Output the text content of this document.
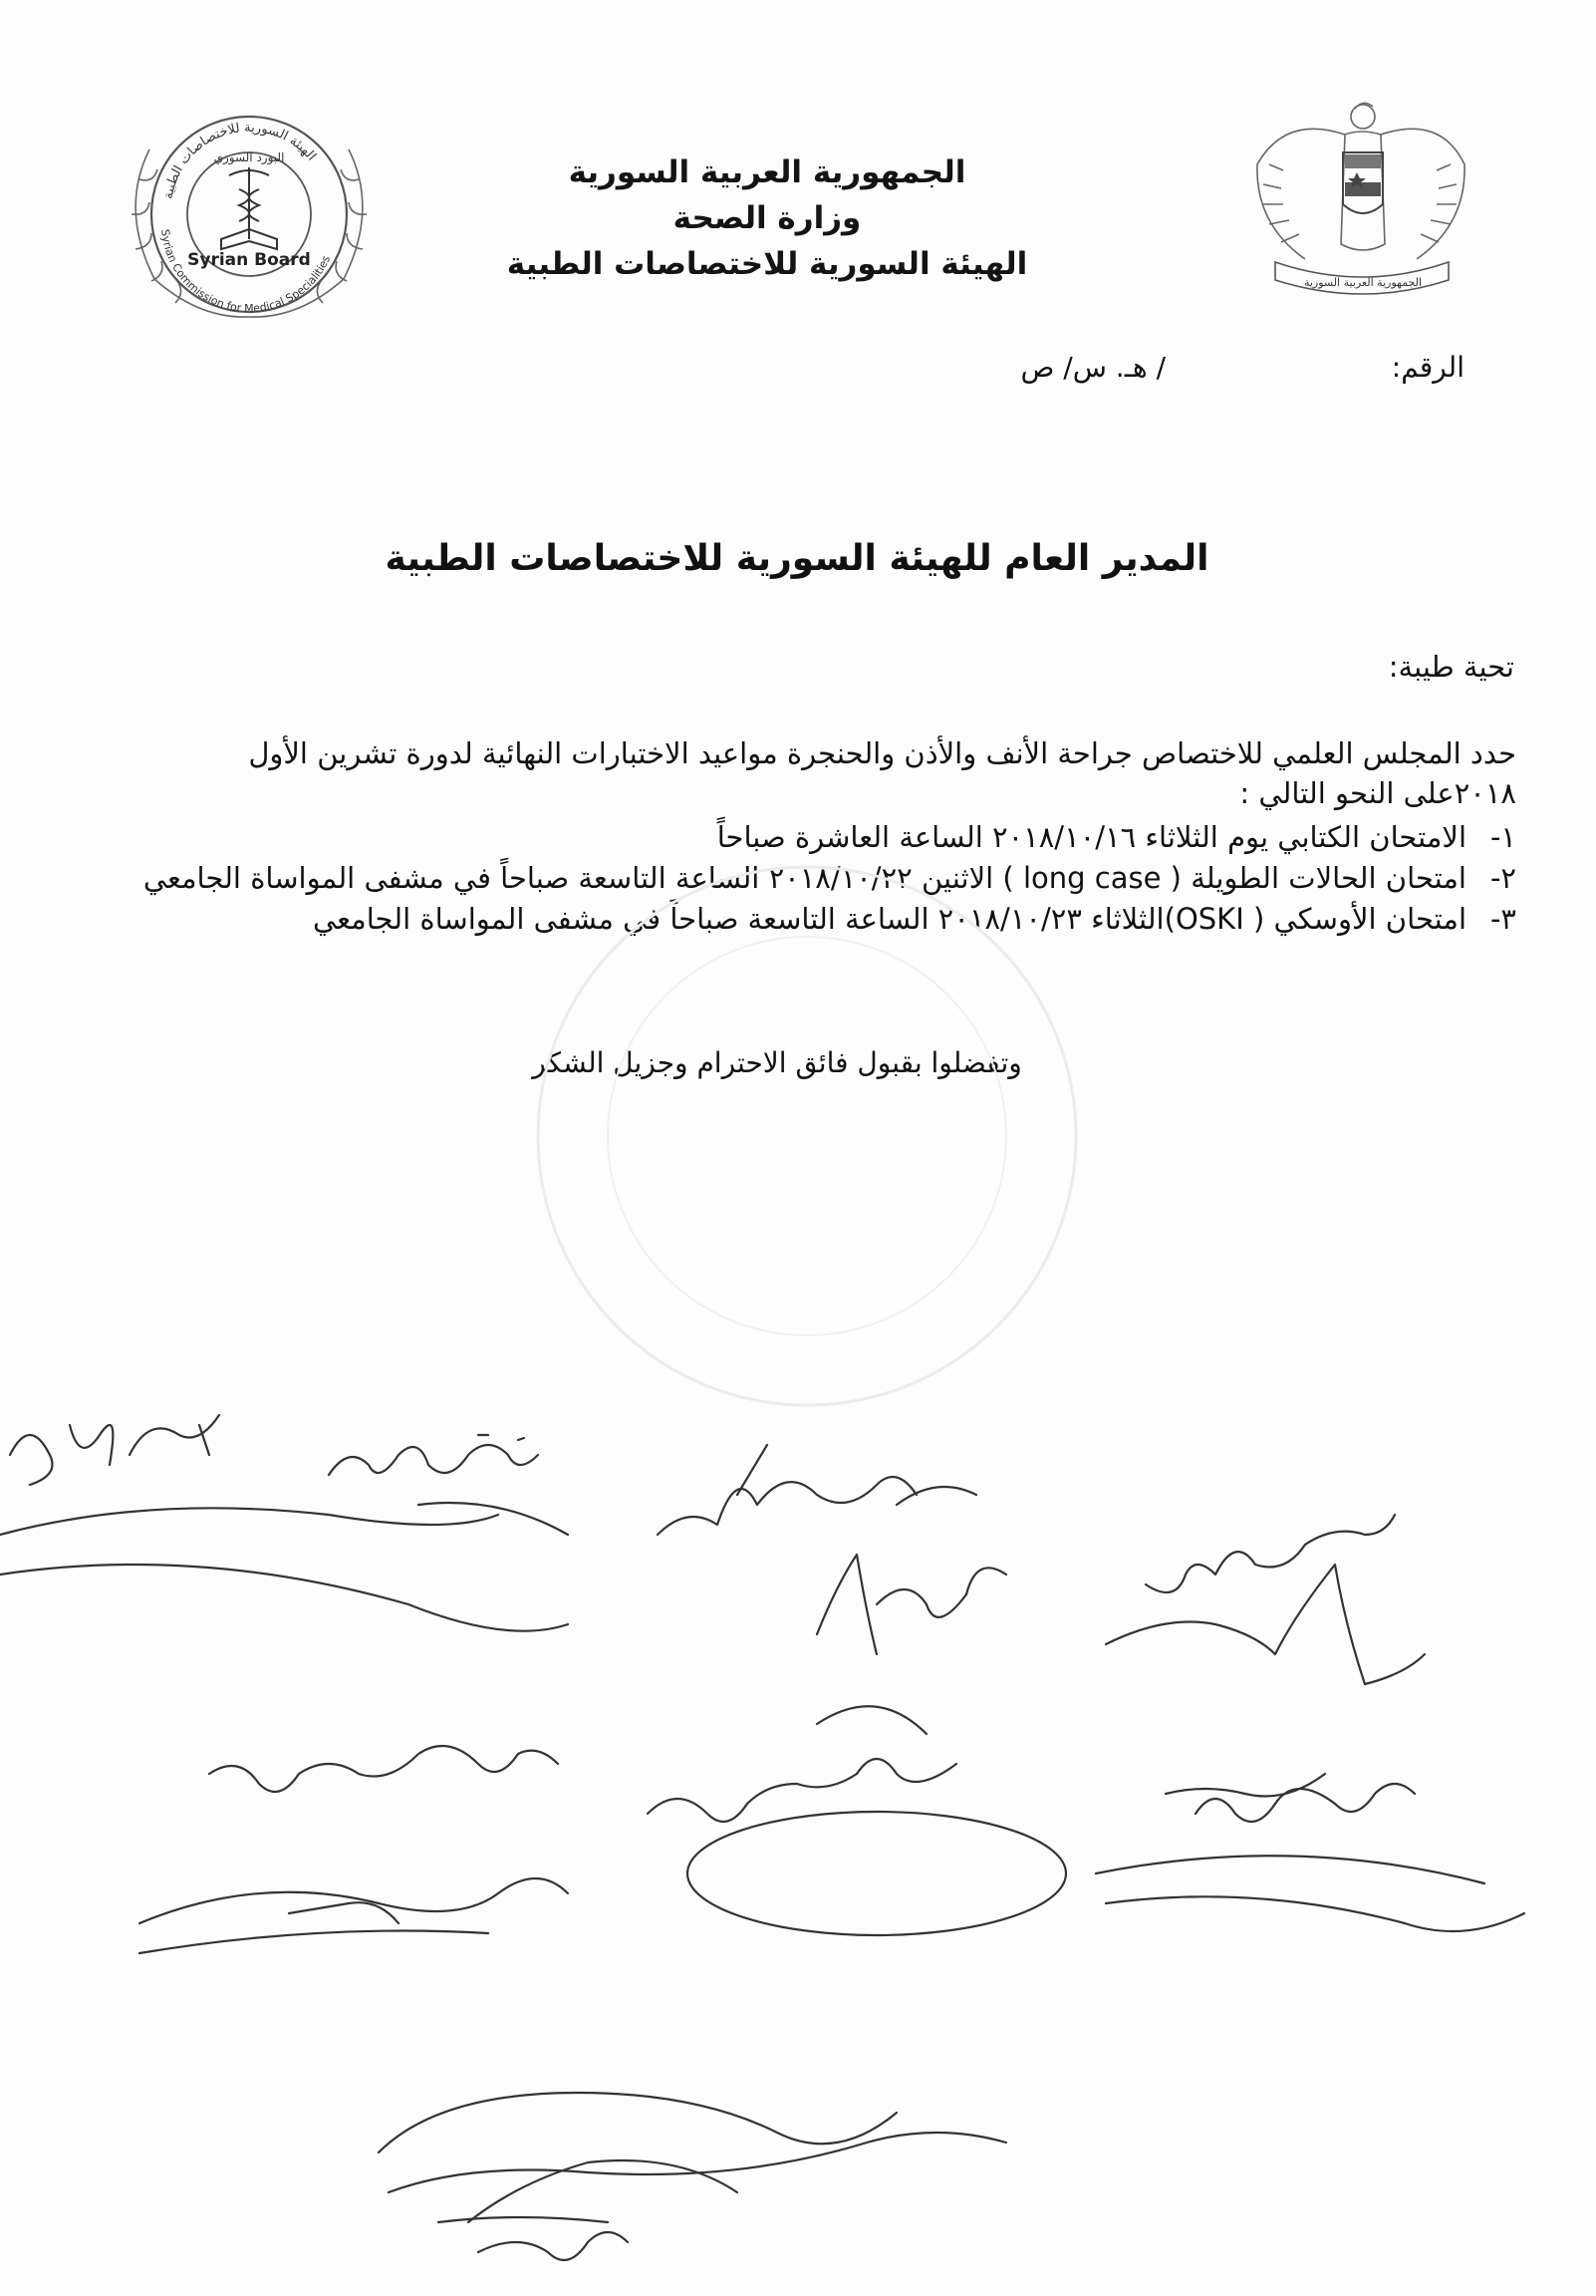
الهيئة السورية للاختصاصات الطبية
Syrian Commission for Medical Specialities
Syrian Board
البورد السوري
الجمهورية العربية السورية
الجمهورية العربية السورية
وزارة الصحة
الهيئة السورية للاختصاصات الطبية
الرقم:
/ هـ. س/ ص
المدير العام للهيئة السورية للاختصاصات الطبية
تحية طيبة:
حدد المجلس العلمي للاختصاص جراحة الأنف والأذن والحنجرة مواعيد الاختبارات النهائية لدورة تشرين الأول
٢٠١٨على النحو التالي :
١-
الامتحان الكتابي يوم الثلاثاء ٢٠١٨/١٠/١٦ الساعة العاشرة صباحاً
٢-
امتحان الحالات الطويلة ( long case ) الاثنين ٢٠١٨/١٠/٢٢ الساعة التاسعة صباحاً في مشفى المواساة الجامعي
٣-
امتحان الأوسكي ( OSKI)الثلاثاء ٢٠١٨/١٠/٢٣ الساعة التاسعة صباحاً في مشفى المواساة الجامعي
وتفضلوا بقبول فائق الاحترام وجزيل الشكر
